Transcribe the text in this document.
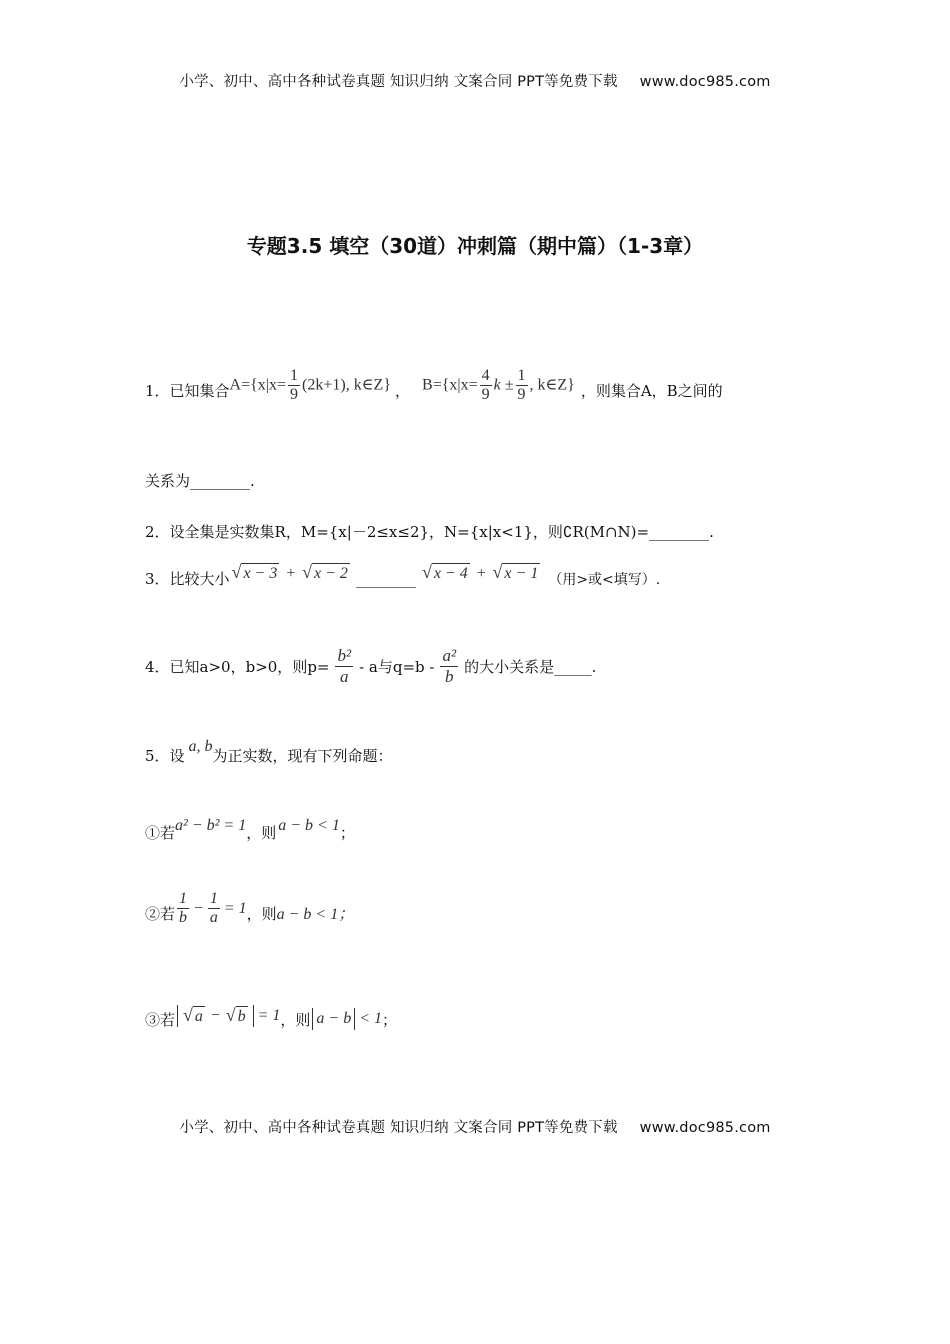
小学、初中、高中各种试卷真题 知识归纳 文案合同 PPT等免费下载 www.doc985.com
专题3.5 填空（30道）冲刺篇（期中篇）（1-3章）
1．已知集合 $A=\{x|x= \frac{1}{9} (2k+1)$, k∈Z} ， $B=\{x|x= \frac{4}{9}$ $k \pm \frac{1}{9}$ , k∈Z} ，则集合A，B之间的
关系为________.
2．设全集是实数集R，M={x|－2≤x≤2}，N={x|x<1}，则∁R(M∩N)=________.
3．比较大小 √ x − 3 + √ x − 2 ________ √ x − 4 + √ x − 1 （用>或<填写）.
4．已知a>0，b>0，则$p= \frac{\text{b²}}{a} - a$与$q=b - \frac{\text{a²}}{b}$ 的大小关系是_____.
5．设
a, b
为正实数，现有下列命题：
①若 a² − b² = 1 ，则 a − b < 1 ；
②若 $\frac{1}{b} - \frac{1}{a} = 1$ ，则 a − b < 1；
③若 √ a − √ b = 1 ，则 a − b < 1 ；
小学、初中、高中各种试卷真题 知识归纳 文案合同 PPT等免费下载 www.doc985.com
